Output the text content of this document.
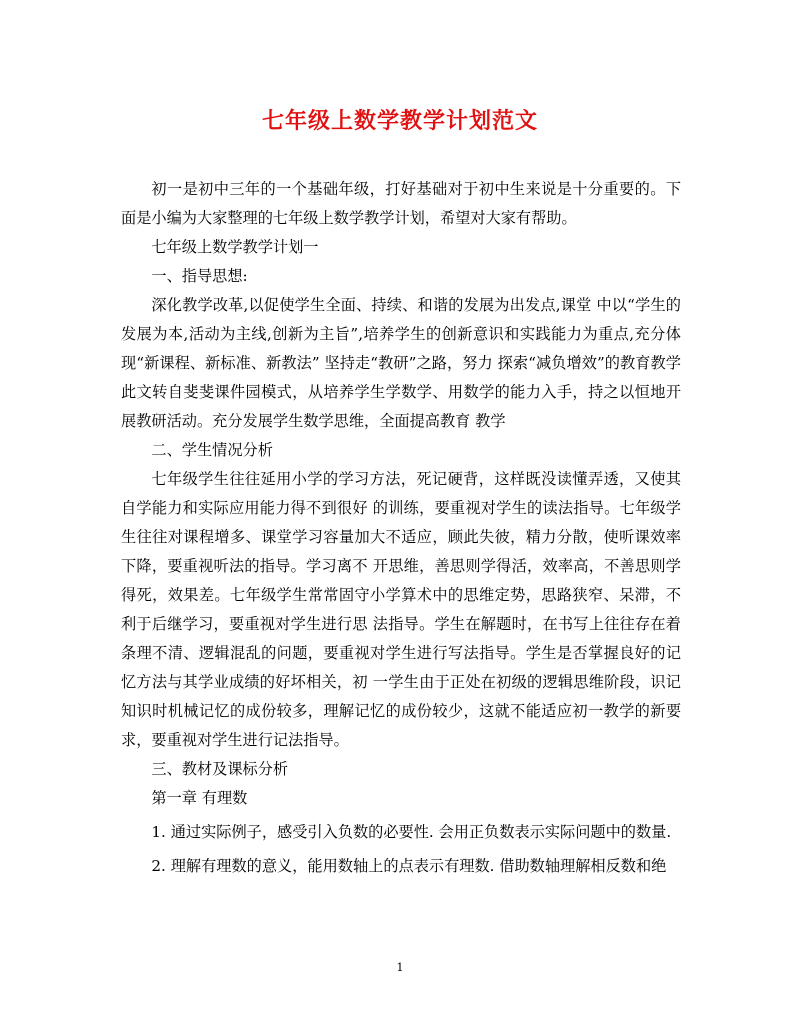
七年级上数学教学计划范文

初一是初中三年的一个基础年级，打好基础对于初中生来说是十分重要的。下面是小编为大家整理的七年级上数学教学计划，希望对大家有帮助。

七年级上数学教学计划一

一、指导思想:

深化教学改革,以促使学生全面、持续、和谐的发展为出发点,课堂 中以“学生的发展为本,活动为主线,创新为主旨”,培养学生的创新意识和实践能力为重点,充分体现“新课程、新标准、新教法” 坚持走“教研”之路，努力 探索“减负增效”的教育教学此文转自斐斐课件园模式，从培养学生学数学、用数学的能力入手，持之以恒地开展教研活动。充分发展学生数学思维，全面提高教育 教学

二、学生情况分析

七年级学生往往延用小学的学习方法，死记硬背，这样既没读懂弄透，又使其自学能力和实际应用能力得不到很好 的训练，要重视对学生的读法指导。七年级学生往往对课程增多、课堂学习容量加大不适应，顾此失彼，精力分散，使听课效率下降，要重视听法的指导。学习离不 开思维，善思则学得活，效率高，不善思则学得死，效果差。七年级学生常常固守小学算术中的思维定势，思路狭窄、呆滞，不利于后继学习，要重视对学生进行思 法指导。学生在解题时，在书写上往往存在着条理不清、逻辑混乱的问题，要重视对学生进行写法指导。学生是否掌握良好的记忆方法与其学业成绩的好坏相关，初 一学生由于正处在初级的逻辑思维阶段，识记知识时机械记忆的成份较多，理解记忆的成份较少，这就不能适应初一教学的新要求，要重视对学生进行记法指导。

三、教材及课标分析

第一章 有理数

1. 通过实际例子，感受引入负数的必要性. 会用正负数表示实际问题中的数量.

2. 理解有理数的意义，能用数轴上的点表示有理数. 借助数轴理解相反数和绝

1
